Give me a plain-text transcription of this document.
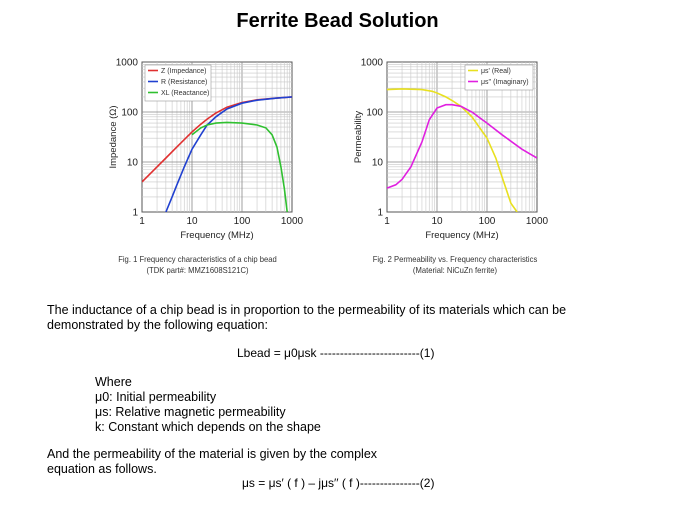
Ferrite Bead Solution
1	10	100	1000
1000
100
10
1
Frequency (MHz)
Impedance (Ω)
Z (Impedance)
R (Resistance)
XL (Reactance)
1	10	100	1000
1000
100
10
1
Frequency (MHz)
Permeability
μs' (Real)
μs'' (Imaginary)
Fig. 1 Frequency characteristics of a chip bead
(TDK part#: MMZ1608S121C)
Fig. 2 Permeability vs. Frequency characteristics
(Material: NiCuZn ferrite)
The inductance of a chip bead is in proportion to the permeability of its materials which can be
demonstrated by the following equation:
Lbead = μ0μsk -------------------------(1)
Where
μ0: Initial permeability
μs: Relative magnetic permeability
k: Constant which depends on the shape
And the permeability of the material is given by the complex
equation as follows.
μs = μs′ ( f ) – jμs′′ ( f )---------------(2)
